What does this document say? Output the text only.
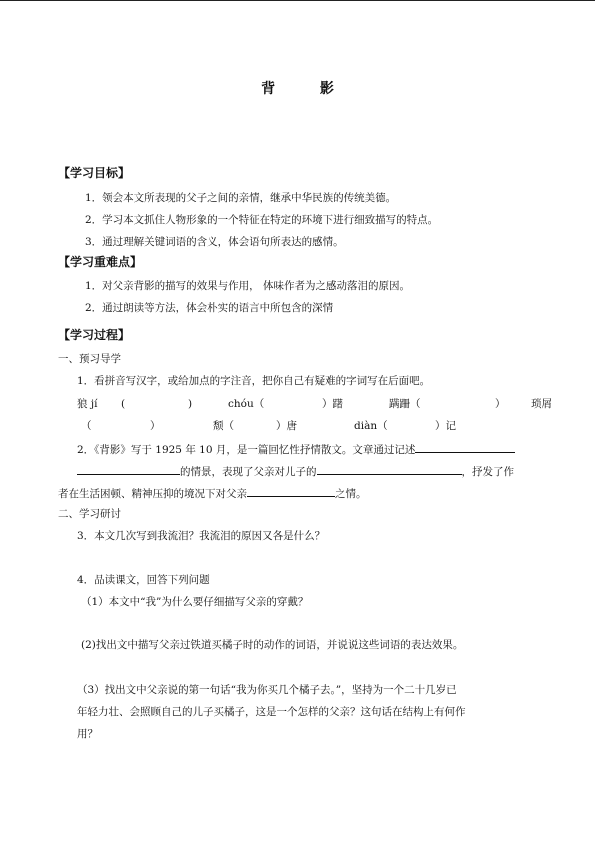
背 影
【学习目标】
1．领会本文所表现的父子之间的亲情，继承中华民族的传统美德。
2．学习本文抓住人物形象的一个特征在特定的环境下进行细致描写的特点。
3．通过理解关键词语的含义，体会语句所表达的感情。
【学习重难点】
1．对父亲背影的描写的效果与作用， 体味作者为之感动落泪的原因。
2．通过朗读等方法，体会朴实的语言中所包含的深情
【学习过程】
一、预习导学
1．看拼音写汉字，或给加点的字注音，把你自己有疑难的字词写在后面吧。
狼 jí (	)	chóu（	）躇	蹒跚（	） 琐屑
（	）	颓（	）唐	diàn（	）记
2．《背影》写于 1925 年 10 月，是一篇回忆性抒情散文。文章通过记述
的情景，表现了父亲对儿子的	，抒发了作
者在生活困顿、精神压抑的境况下对父亲	之情。
二、学习研讨
3．本文几次写到我流泪？我流泪的原因又各是什么？
4．品读课文，回答下列问题
（1）本文中“我”为什么要仔细描写父亲的穿戴？
(2)找出文中描写父亲过铁道买橘子时的动作的词语，并说说这些词语的表达效果。
（3）找出文中父亲说的第一句话“我为你买几个橘子去。”，坚持为一个二十几岁已
年轻力壮、会照顾自己的儿子买橘子，这是一个怎样的父亲？这句话在结构上有何作
用？
